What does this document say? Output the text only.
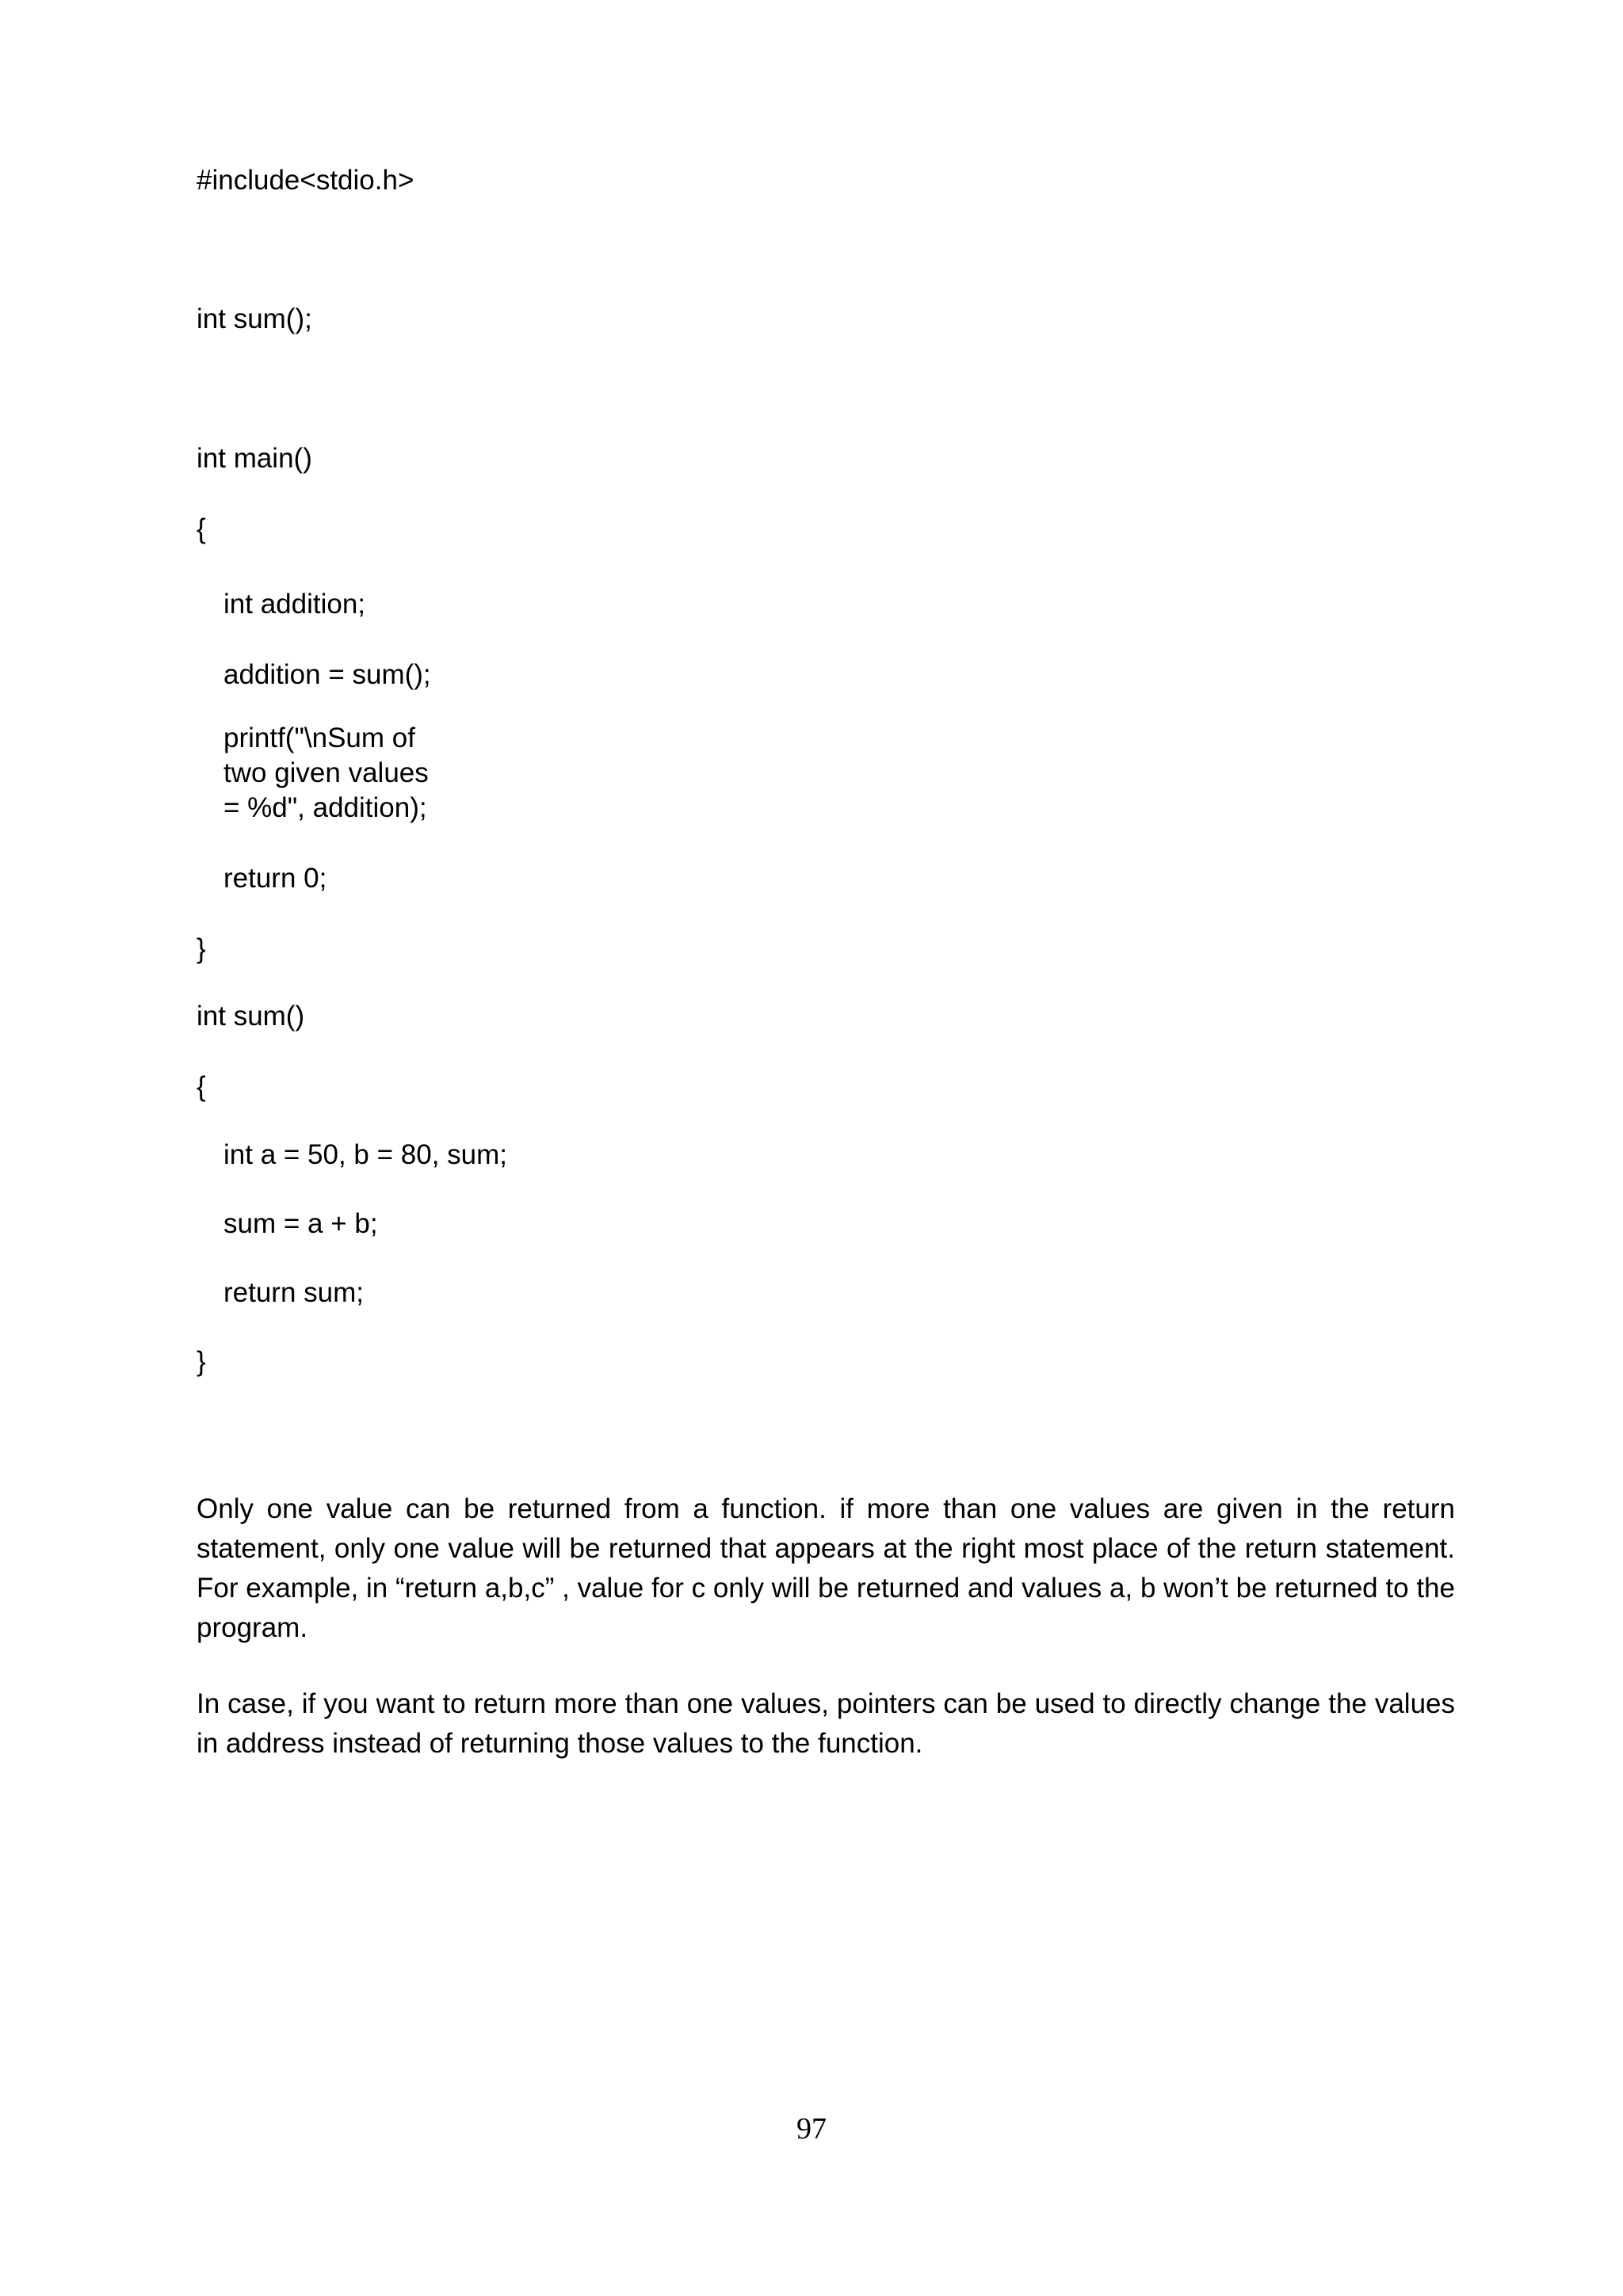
#include<stdio.h>
int sum();
int main()
{
int addition;
addition = sum();
printf("\nSum of
two given values
= %d", addition);
return 0;
}
int sum()
{
int a = 50, b = 80, sum;
sum = a + b;
return sum;
}

Only one value can be returned from a function. if more than one values are given in the return statement, only one value will be returned that appears at the right most place of the return statement. For example, in “return a,b,c” , value for c only will be returned and values a, b won’t be returned to the program.

In case, if you want to return more than one values, pointers can be used to directly change the values in address instead of returning those values to the function.

97
